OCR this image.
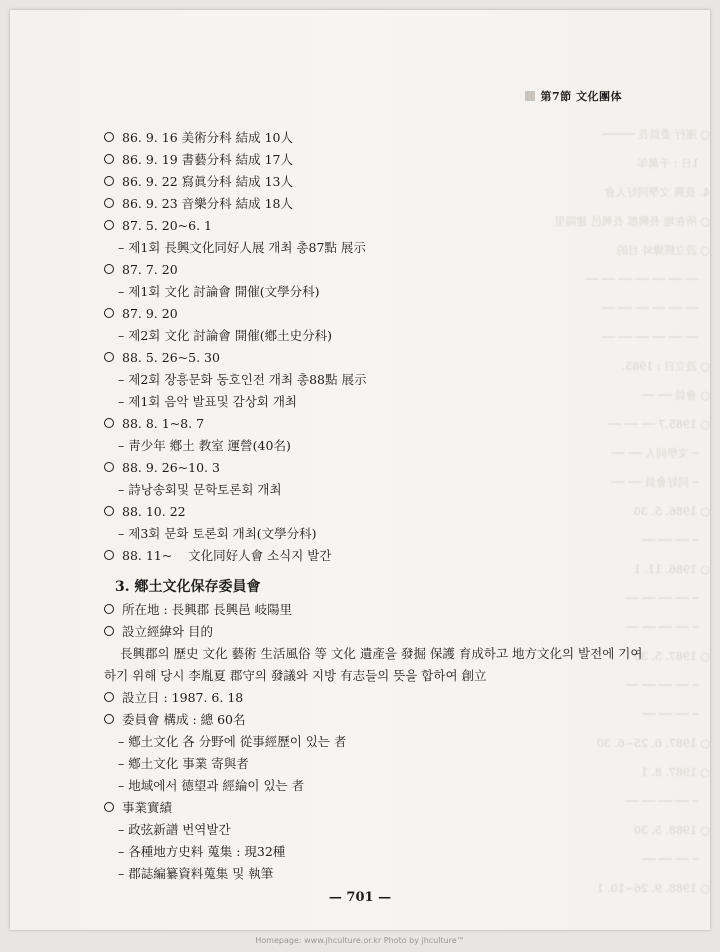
○ 運行 委員長 ─────
　1日 : 千萬年
4. 長興 文學同好人會
○ 所在地 長興郡 長興邑 建陽里
○ 設立經緯와 目的
　── ── ── ── ── ── ──
　── ── ── ── ── ──
　── ── ── ── ── ──
○ 設立日 : 1985.
○ 會員 ── ──
○ 1985.7 ── ── ──
　─ 文學同人 ── ──
　─ 同好會員 ── ──
○ 1986. 5. 30
　─ ── ── ──
○ 1986. 11. 1
　─ ── ── ── ──
　─ ── ── ── ──
○ 1987. 5. 30
　─ ── ── ── ──
　─ ── ── ──
○ 1987. 6. 25~6. 30
○ 1987. 8. 1
　─ ── ── ── ──
○ 1988. 5. 30
　─ ── ── ──
○ 1988. 9. 26~10. 1
第7節 文化團体
86. 9. 16 美術分科 結成 10人
86. 9. 19 書藝分科 結成 17人
86. 9. 22 寫眞分科 結成 13人
86. 9. 23 音樂分科 結成 18人
87. 5. 20~6. 1
– 제1회 長興文化同好人展 개최 총87點 展示
87. 7. 20
– 제1회 文化 討論會 開催(文學分科)
87. 9. 20
– 제2회 文化 討論會 開催(鄕土史分科)
88. 5. 26~5. 30
– 제2회 장흥문화 동호인전 개최 총88點 展示
– 제1회 음악 발표및 감상회 개최
88. 8. 1~8. 7
– 靑少年 鄕土 教室 運營(40名)
88. 9. 26~10. 3
– 詩낭송회및 문학토론회 개최
88. 10. 22
– 제3회 문화 토론회 개최(文學分科)
88. 11~    文化同好人會 소식지 발간
3. 鄕土文化保存委員會
所在地 : 長興郡 長興邑 岐陽里
設立經緯와 目的
長興郡의 歷史 文化 藝術 生活風俗 等 文化 遺產을 發掘 保護 育成하고 地方文化의 발전에 기여
하기 위해 당시 李胤夏 郡守의 發議와 지방 有志들의 뜻을 합하여 創立
設立日 : 1987. 6. 18
委員會 構成 : 總 60名
– 鄕土文化 各 分野에 從事經歷이 있는 者
– 鄕土文化 事業 寄與者
– 地域에서 德望과 經綸이 있는 者
事業實績
– 政弦新譜 번역발간
– 各種地方史料 蒐集 : 現32種
– 郡誌編纂資料蒐集 및 執筆
— 701 —
Homepage: www.jhculture.or.kr Photo by jhculture™
